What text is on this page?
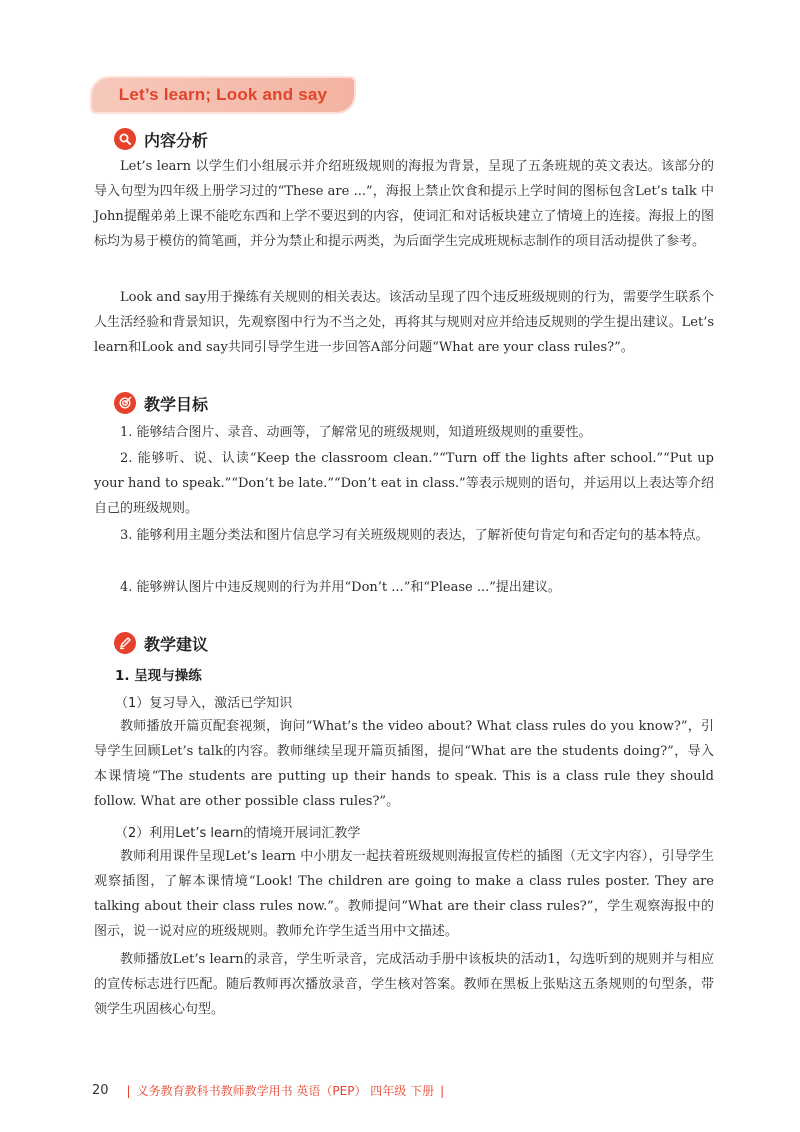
Let’s learn; Look and say
内容分析

Let’s learn 以学生们小组展示并介绍班级规则的海报为背景，呈现了五条班规的英文表达。该部分的导入句型为四年级上册学习过的“These are ...”，海报上禁止饮食和提示上学时间的图标包含Let’s talk 中John提醒弟弟上课不能吃东西和上学不要迟到的内容，使词汇和对话板块建立了情境上的连接。海报上的图标均为易于模仿的简笔画，并分为禁止和提示两类，为后面学生完成班规标志制作的项目活动提供了参考。

Look and say用于操练有关规则的相关表达。该活动呈现了四个违反班级规则的行为，需要学生联系个人生活经验和背景知识，先观察图中行为不当之处，再将其与规则对应并给违反规则的学生提出建议。Let’s learn和Look and say共同引导学生进一步回答A部分问题“What are your class rules?”。

教学目标

1. 能够结合图片、录音、动画等，了解常见的班级规则，知道班级规则的重要性。

2. 能够听、说、认读“Keep the classroom clean.”“Turn off the lights after school.”“Put up your hand to speak.”“Don’t be late.”“Don’t eat in class.”等表示规则的语句，并运用以上表达等介绍自己的班级规则。

3. 能够利用主题分类法和图片信息学习有关班级规则的表达，了解祈使句肯定句和否定句的基本特点。

4. 能够辨认图片中违反规则的行为并用“Don’t ...”和“Please ...”提出建议。

教学建议
1. 呈现与操练
（1）复习导入，激活已学知识

教师播放开篇页配套视频，询问“What’s the video about? What class rules do you know?”，引导学生回顾Let’s talk的内容。教师继续呈现开篇页插图，提问“What are the students doing?”，导入本课情境“The students are putting up their hands to speak. This is a class rule they should follow. What are other possible class rules?”。

（2）利用Let’s learn的情境开展词汇教学

教师利用课件呈现Let’s learn 中小朋友一起扶着班级规则海报宣传栏的插图（无文字内容），引导学生观察插图，了解本课情境“Look! The children are going to make a class rules poster. They are talking about their class rules now.”。教师提问“What are their class rules?”，学生观察海报中的图示，说一说对应的班级规则。教师允许学生适当用中文描述。

教师播放Let’s learn的录音，学生听录音，完成活动手册中该板块的活动1，勾选听到的规则并与相应的宣传标志进行匹配。随后教师再次播放录音，学生核对答案。教师在黑板上张贴这五条规则的句型条，带领学生巩固核心句型。

20 | 义务教育教科书教师教学用书 英语（PEP） 四年级 下册 |
